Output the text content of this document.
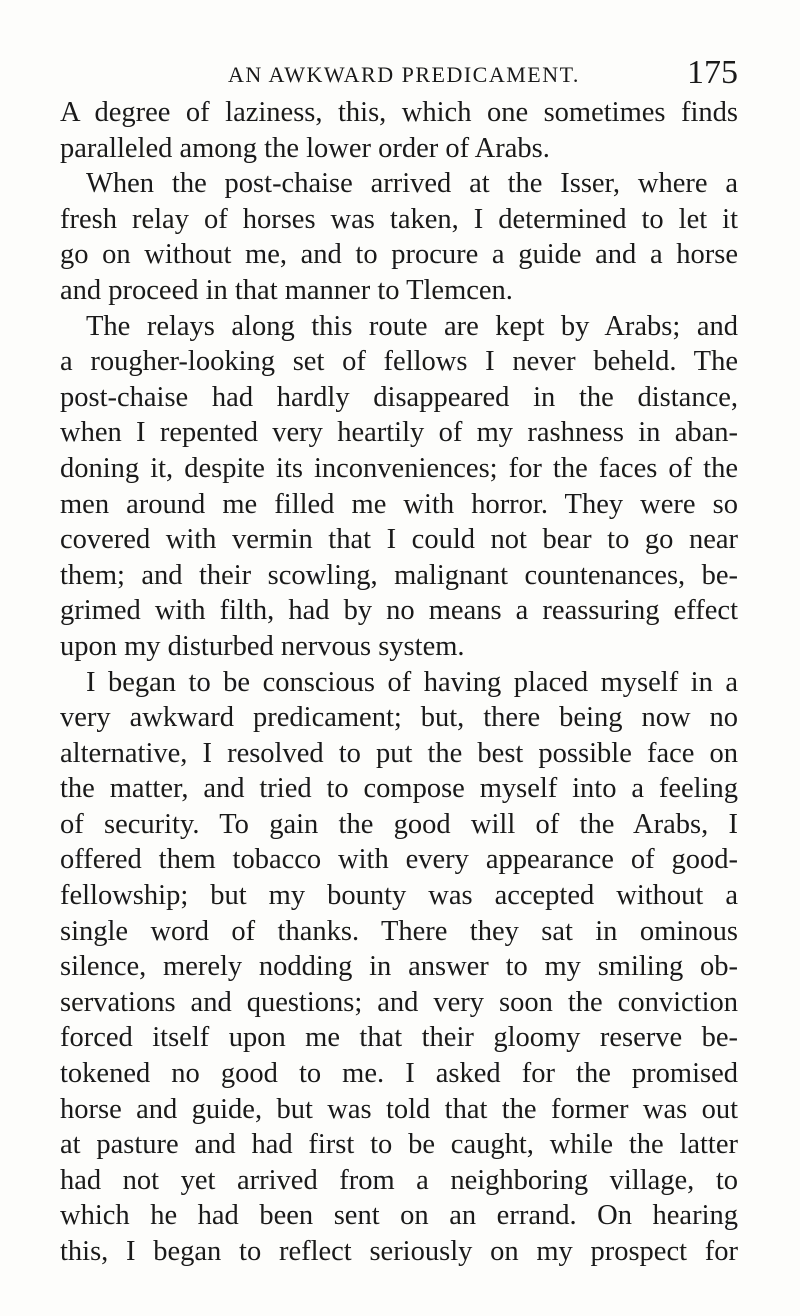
AN AWKWARD PREDICAMENT.	175
A degree of laziness, this, which one sometimes finds
paralleled among the lower order of Arabs.
When the post-chaise arrived at the Isser, where a
fresh relay of horses was taken, I determined to let it
go on without me, and to procure a guide and a horse
and proceed in that manner to Tlemcen.
The relays along this route are kept by Arabs; and
a rougher-looking set of fellows I never beheld. The
post-chaise had hardly disappeared in the distance,
when I repented very heartily of my rashness in aban-
doning it, despite its inconveniences; for the faces of the
men around me filled me with horror. They were so
covered with vermin that I could not bear to go near
them; and their scowling, malignant countenances, be-
grimed with filth, had by no means a reassuring effect
upon my disturbed nervous system.
I began to be conscious of having placed myself in a
very awkward predicament; but, there being now no
alternative, I resolved to put the best possible face on
the matter, and tried to compose myself into a feeling
of security. To gain the good will of the Arabs, I
offered them tobacco with every appearance of good-
fellowship; but my bounty was accepted without a
single word of thanks. There they sat in ominous
silence, merely nodding in answer to my smiling ob-
servations and questions; and very soon the conviction
forced itself upon me that their gloomy reserve be-
tokened no good to me. I asked for the promised
horse and guide, but was told that the former was out
at pasture and had first to be caught, while the latter
had not yet arrived from a neighboring village, to
which he had been sent on an errand. On hearing
this, I began to reflect seriously on my prospect for
